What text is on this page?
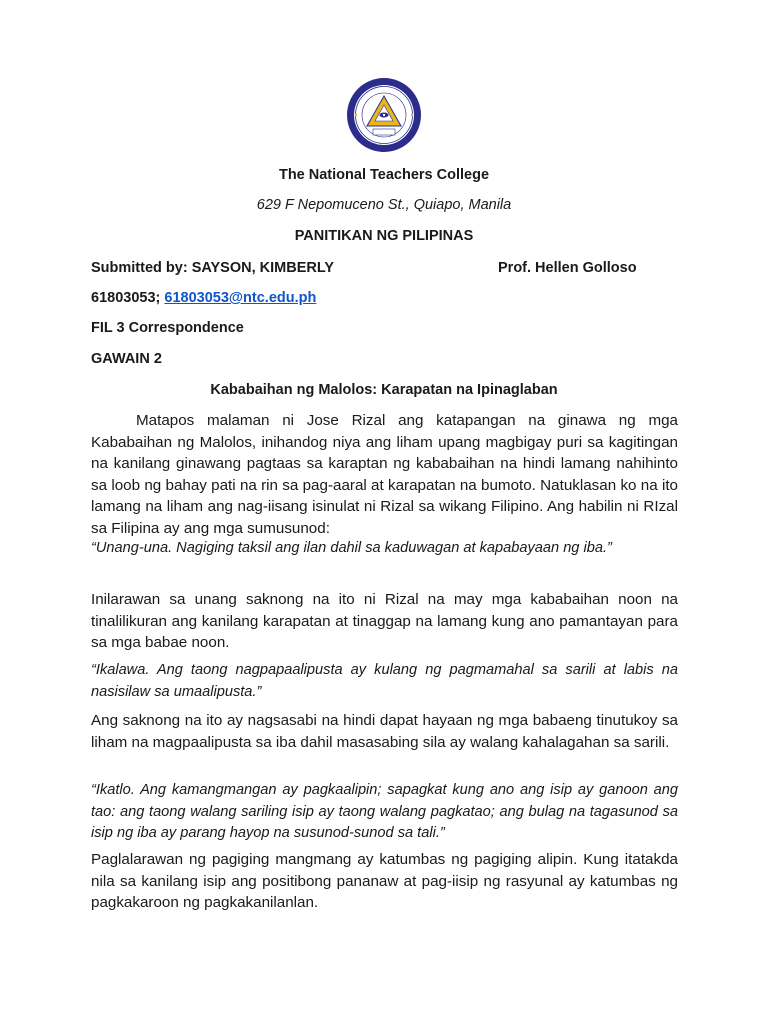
The National Teachers College
629 F Nepomuceno St., Quiapo, Manila
PANITIKAN NG PILIPINAS
Submitted by: SAYSON, KIMBERLY	Prof. Hellen Golloso
61803053; 61803053@ntc.edu.ph
FIL 3 Correspondence
GAWAIN 2
Kababaihan ng Malolos: Karapatan na Ipinaglaban
Matapos malaman ni Jose Rizal ang katapangan na ginawa ng mga Kababaihan ng Malolos, inihandog niya ang liham upang magbigay puri sa kagitingan na kanilang ginawang pagtaas sa karaptan ng kababaihan na hindi lamang nahihinto sa loob ng bahay pati na rin sa pag-aaral at karapatan na bumoto. Natuklasan ko na ito lamang na liham ang nag-iisang isinulat ni Rizal sa wikang Filipino. Ang habilin ni RIzal sa Filipina ay ang mga sumusunod:
“Unang-una. Nagiging taksil ang ilan dahil sa kaduwagan at kapabayaan ng iba.”
Inilarawan sa unang saknong na ito ni Rizal na may mga kababaihan noon na tinalilikuran ang kanilang karapatan at tinaggap na lamang kung ano pamantayan para sa mga babae noon.
“Ikalawa. Ang taong nagpapaalipusta ay kulang ng pagmamahal sa sarili at labis na nasisilaw sa umaalipusta.”
Ang saknong na ito ay nagsasabi na hindi dapat hayaan ng mga babaeng tinutukoy sa liham na magpaalipusta sa iba dahil masasabing sila ay walang kahalagahan sa sarili.
“Ikatlo. Ang kamangmangan ay pagkaalipin; sapagkat kung ano ang isip ay ganoon ang tao: ang taong walang sariling isip ay taong walang pagkatao; ang bulag na tagasunod sa isip ng iba ay parang hayop na susunod-sunod sa tali.”
Paglalarawan ng pagiging mangmang ay katumbas ng pagiging alipin. Kung itatakda nila sa kanilang isip ang positibong pananaw at pag-iisip ng rasyunal ay katumbas ng pagkakaroon ng pagkakanilanlan.
